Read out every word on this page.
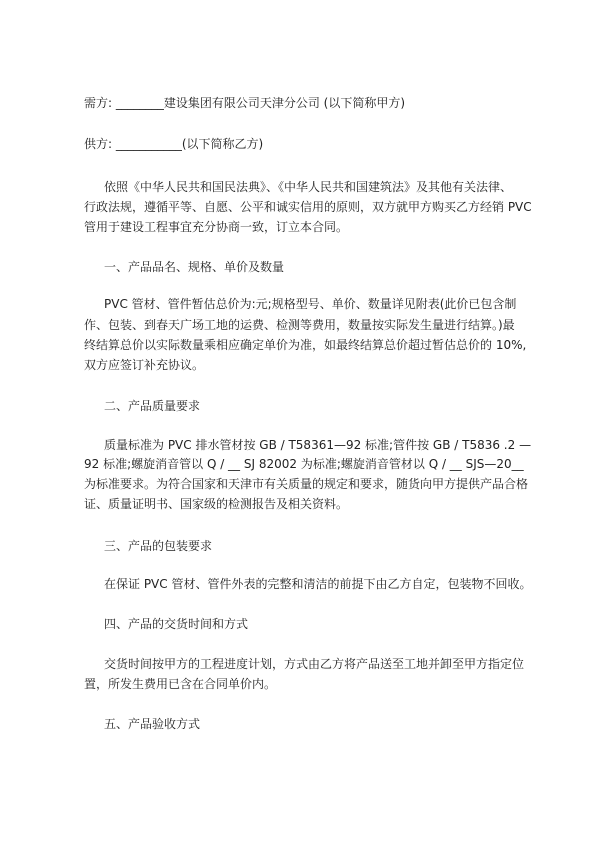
需方: ________建设集团有限公司天津分公司 (以下简称甲方)
供方: ___________(以下简称乙方)
依照《中华人民共和国民法典》、《中华人民共和国建筑法》及其他有关法律、
行政法规，遵循平等、自愿、公平和诚实信用的原则，双方就甲方购买乙方经销 PVC
管用于建设工程事宜充分协商一致，订立本合同。
一、产品品名、规格、单价及数量
PVC 管材、管件暂估总价为:元;规格型号、单价、数量详见附表(此价已包含制
作、包装、到春天广场工地的运费、检测等费用，数量按实际发生量进行结算。)最
终结算总价以实际数量乘相应确定单价为准，如最终结算总价超过暂估总价的 10%,
双方应签订补充协议。
二、产品质量要求
质量标准为 PVC 排水管材按 GB / T58361—92 标准;管件按 GB / T5836 .2 —
92 标准;螺旋消音管以 Q / __ SJ 82002 为标准;螺旋消音管材以 Q / __ SJS—20__
为标准要求。为符合国家和天津市有关质量的规定和要求，随货向甲方提供产品合格
证、质量证明书、国家级的检测报告及相关资料。
三、产品的包装要求
在保证 PVC 管材、管件外表的完整和清洁的前提下由乙方自定，包装物不回收。
四、产品的交货时间和方式
交货时间按甲方的工程进度计划，方式由乙方将产品送至工地并卸至甲方指定位
置，所发生费用已含在合同单价内。
五、产品验收方式
